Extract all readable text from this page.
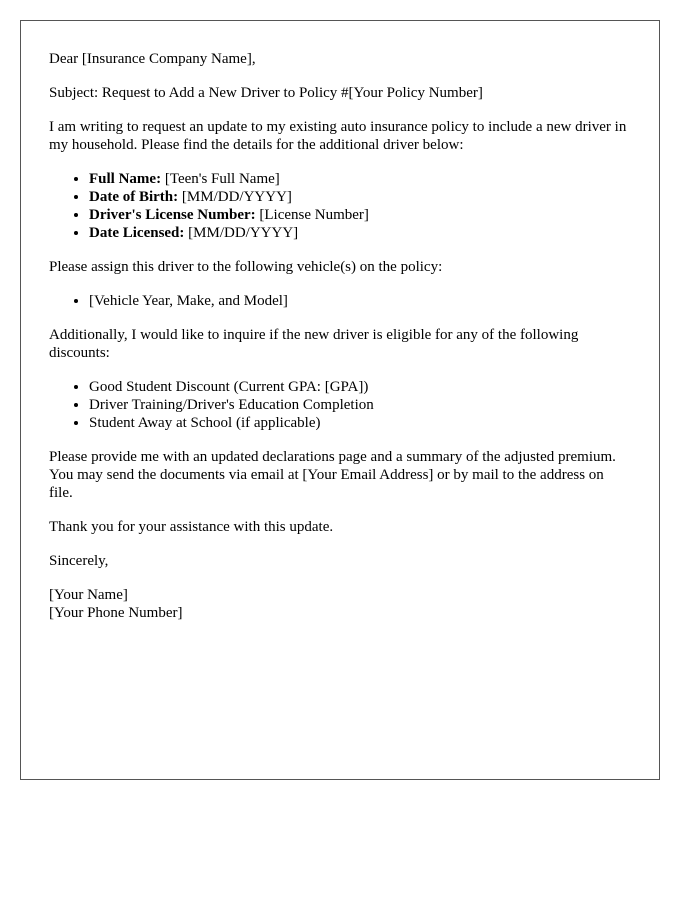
Dear [Insurance Company Name],

Subject: Request to Add a New Driver to Policy #[Your Policy Number]

I am writing to request an update to my existing auto insurance policy to include a new driver in my household. Please find the details for the additional driver below:

• Full Name: [Teen's Full Name]
• Date of Birth: [MM/DD/YYYY]
• Driver's License Number: [License Number]
• Date Licensed: [MM/DD/YYYY]

Please assign this driver to the following vehicle(s) on the policy:

• [Vehicle Year, Make, and Model]

Additionally, I would like to inquire if the new driver is eligible for any of the following discounts:

• Good Student Discount (Current GPA: [GPA])
• Driver Training/Driver's Education Completion
• Student Away at School (if applicable)

Please provide me with an updated declarations page and a summary of the adjusted premium. You may send the documents via email at [Your Email Address] or by mail to the address on file.

Thank you for your assistance with this update.

Sincerely,

[Your Name]
[Your Phone Number]
